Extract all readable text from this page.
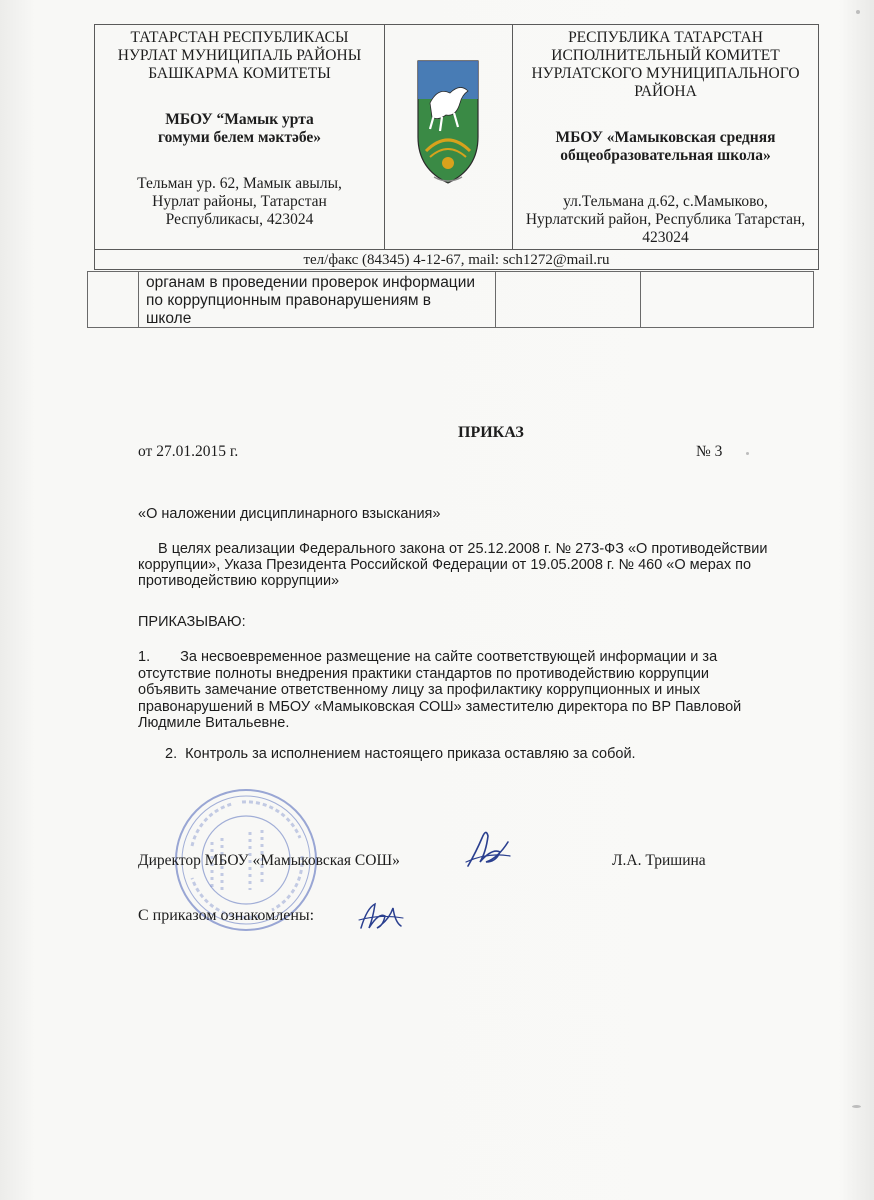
ТАТАРСТАН РЕСПУБЛИКАСЫ

НУРЛАТ МУНИЦИПАЛЬ РАЙОНЫ

БАШКАРМА КОМИТЕТЫ

МБОУ “Мамык урта

гомуми белем мәктәбе»

Тельман ур. 62, Мамык авылы,

Нурлат районы, Татарстан

Республикасы, 423024

РЕСПУБЛИКА ТАТАРСТАН

ИСПОЛНИТЕЛЬНЫЙ КОМИТЕТ

НУРЛАТСКОГО МУНИЦИПАЛЬНОГО

РАЙОНА

МБОУ «Мамыковская средняя

общеобразовательная школа»

ул.Тельмана д.62, с.Мамыково,

Нурлатский район, Республика Татарстан,

423024

тел/факс (84345) 4-12-67, mail: sch1272@mail.ru
органам в проведении проверок информации
по коррупционным правонарушениям в
школе

ПРИКАЗ

от 27.01.2015 г.	№ 3
«О наложении дисциплинарного взыскания»
В целях реализации Федерального закона от 25.12.2008 г. № 273-ФЗ «О противодействии
коррупции», Указа Президента Российской Федерации от 19.05.2008 г. № 460 «О мерах по
противодействию коррупции»
ПРИКАЗЫВАЮ:
1. За несвоевременное размещение на сайте соответствующей информации и за
отсутствие полноты внедрения практики стандартов по противодействию коррупции
объявить замечание ответственному лицу за профилактику коррупционных и иных
правонарушений в МБОУ «Мамыковская СОШ» заместителю директора по ВР Павловой
Людмиле Витальевне.
2. Контроль за исполнением настоящего приказа оставляю за собой.
Директор МБОУ «Мамыковская СОШ»	Л.А. Тришина
С приказом ознакомлены:
